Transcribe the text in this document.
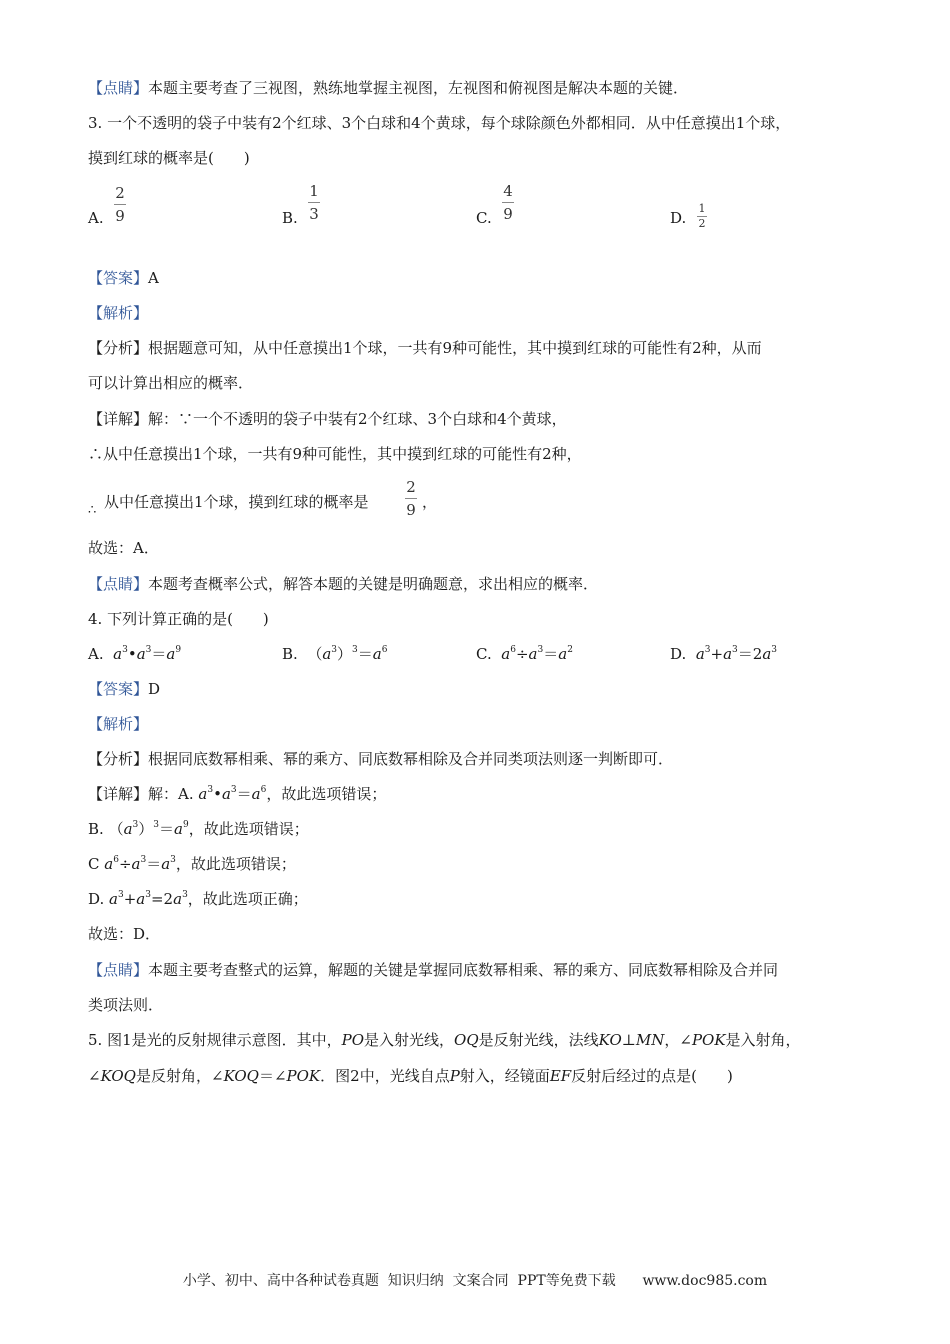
【点睛】本题主要考查了三视图，熟练地掌握主视图，左视图和俯视图是解决本题的关键．
3. 一个不透明的袋子中装有2个红球、3个白球和4个黄球，每个球除颜色外都相同．从中任意摸出1个球，
摸到红球的概率是(　　)
A.
2
9	B.
1
3	C.
4
9	D.
1
2
【答案】A
【解析】
【分析】根据题意可知，从中任意摸出1个球，一共有9种可能性，其中摸到红球的可能性有2种，从而
可以计算出相应的概率．
【详解】解：∵一个不透明的袋子中装有2个红球、3个白球和4个黄球，
∴从中任意摸出1个球，一共有9种可能性，其中摸到红球的可能性有2种，
∴ 从中任意摸出1个球，摸到红球的概率是
2
9 ，
故选：A．
【点睛】本题考查概率公式，解答本题的关键是明确题意，求出相应的概率．
4. 下列计算正确的是(　　)
A. $a^3•a^3=a^9$	B.  $(a^3)^3=a^6$	C. $a^6\div a^3=a^2$	D. $a^3+a^3=2a^3$
【答案】D
【解析】
【分析】根据同底数幂相乘、幂的乘方、同底数幂相除及合并同类项法则逐一判断即可．
【详解】解：A. $a^3•a^3=a^6$，故此选项错误；
B. $(a^3)^3=a^9$，故此选项错误；
C $a^6\div a^3=a^3$，故此选项错误；
D. $a^3+a^3=2a^3$，故此选项正确；
故选：D．
【点睛】本题主要考查整式的运算，解题的关键是掌握同底数幂相乘、幂的乘方、同底数幂相除及合并同
类项法则．
5. 图1是光的反射规律示意图．其中，PO是入射光线，OQ是反射光线，法线KO⊥MN，∠POK是入射角，
∠KOQ是反射角，∠KOQ＝∠POK．图2中，光线自点P射入，经镜面EF反射后经过的点是(　　)
小学、初中、高中各种试卷真题  知识归纳  文案合同  PPT等免费下载      www.doc985.com
